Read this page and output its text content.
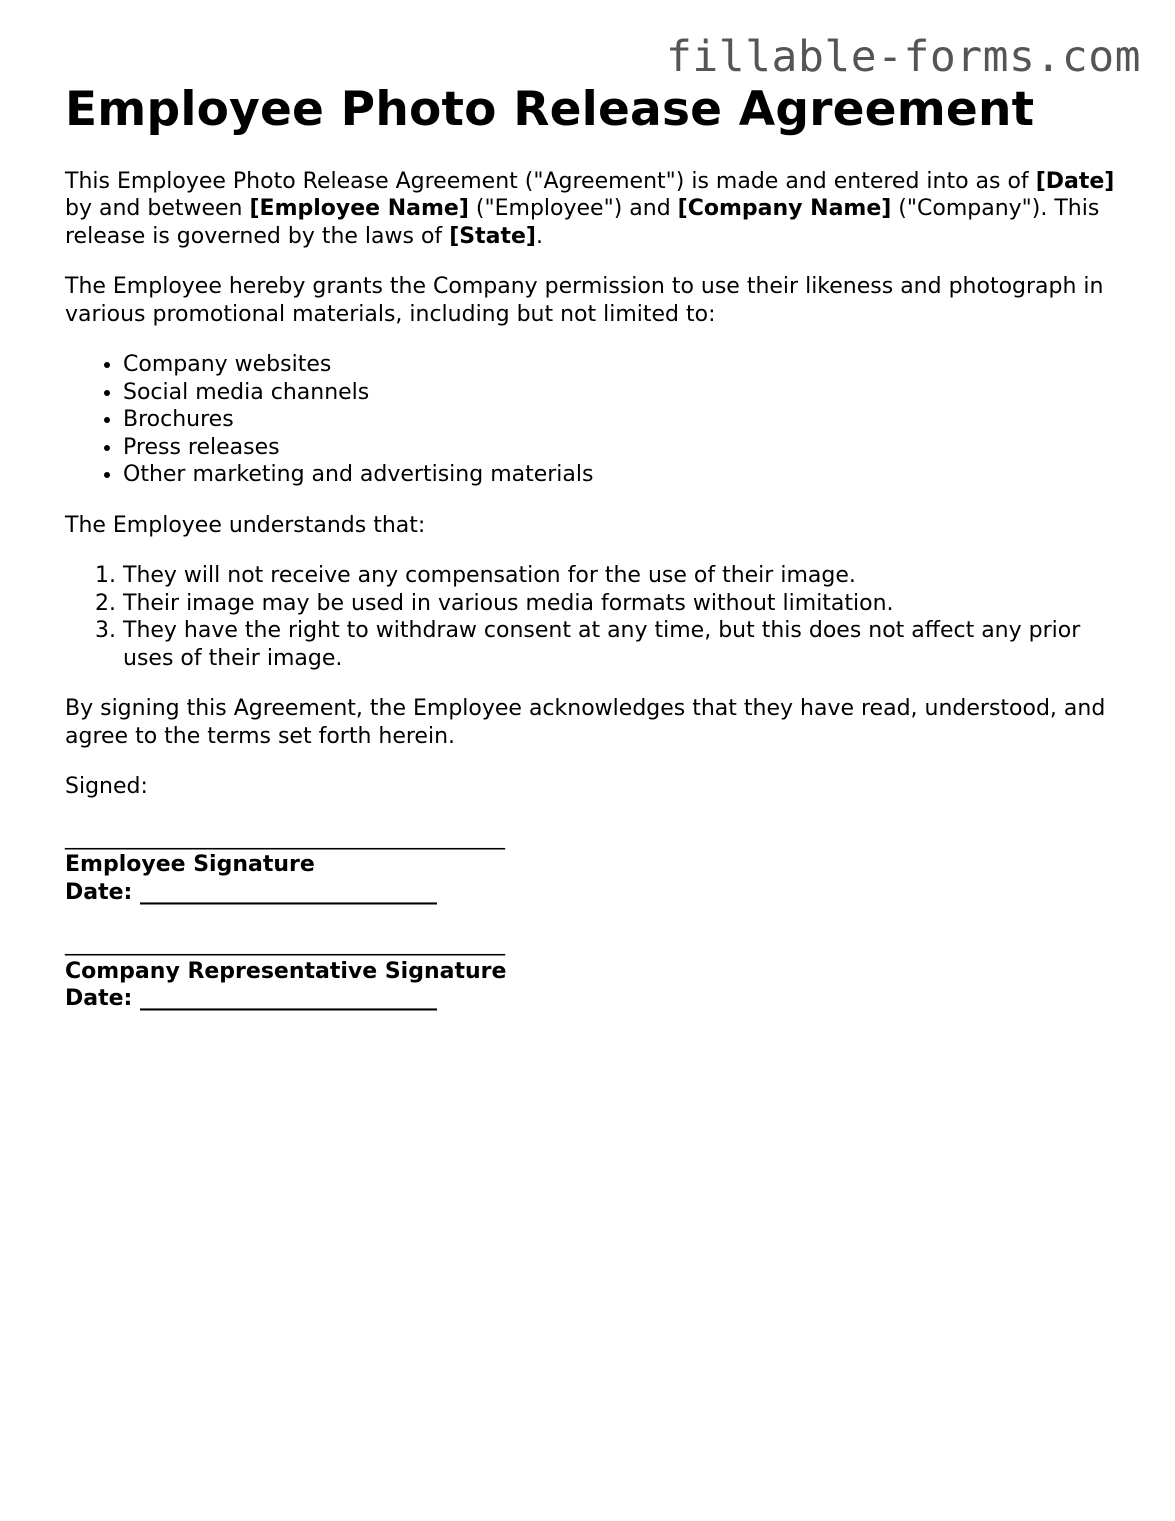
fillable-forms.com
Employee Photo Release Agreement

This Employee Photo Release Agreement ("Agreement") is made and entered into as of [Date] by and between [Employee Name] ("Employee") and [Company Name] ("Company"). This release is governed by the laws of [State].

The Employee hereby grants the Company permission to use their likeness and photograph in various promotional materials, including but not limited to:

• Company websites
• Social media channels
• Brochures
• Press releases
• Other marketing and advertising materials

The Employee understands that:

1. They will not receive any compensation for the use of their image.
2. Their image may be used in various media formats without limitation.
3. They have the right to withdraw consent at any time, but this does not affect any prior uses of their image.

By signing this Agreement, the Employee acknowledges that they have read, understood, and agree to the terms set forth herein.

Signed:

________________________________________
Employee Signature
Date: ___________________________
________________________________________
Company Representative Signature
Date: ___________________________
